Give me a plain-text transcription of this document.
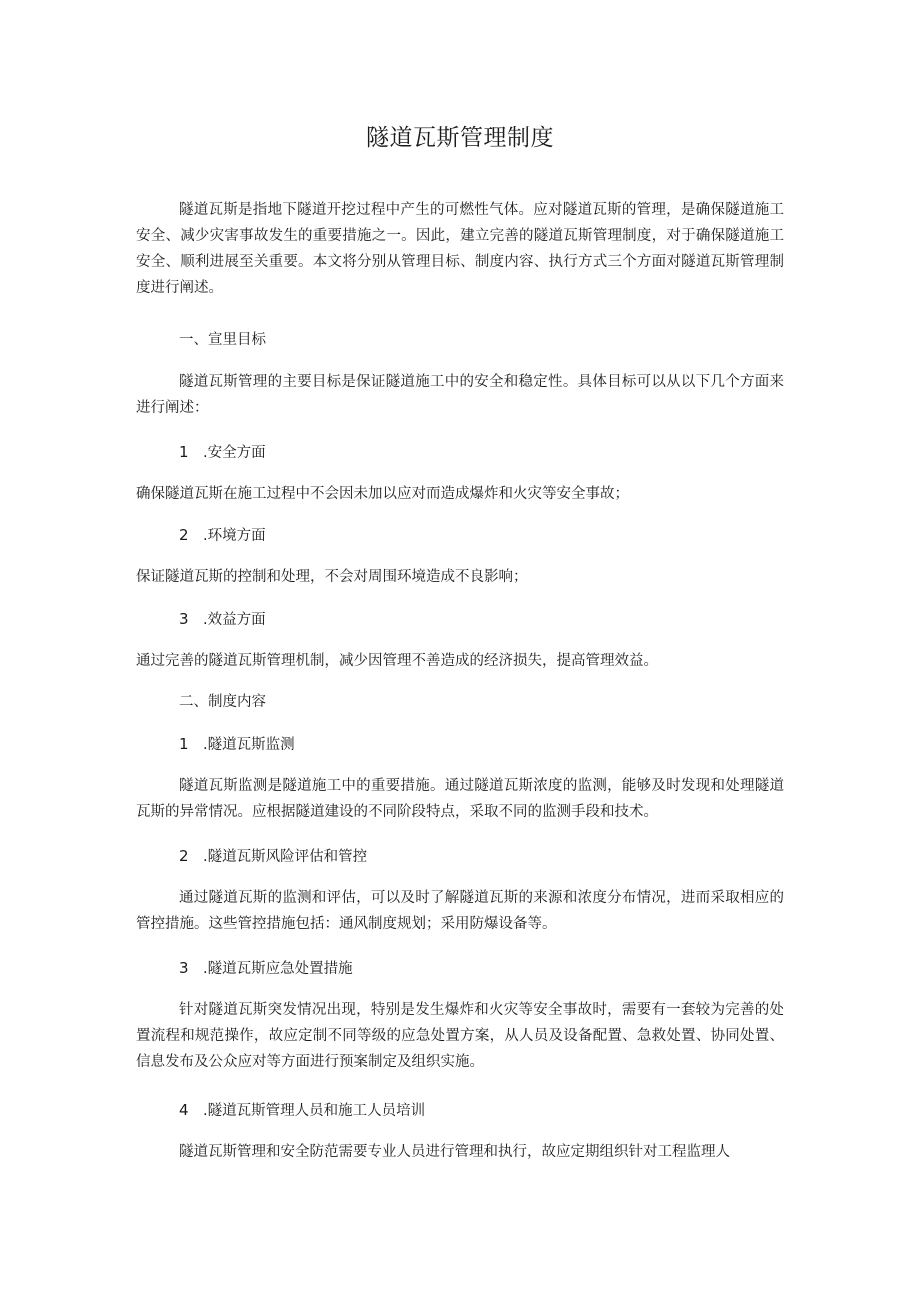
隧道瓦斯管理制度

隧道瓦斯是指地下隧道开挖过程中产生的可燃性气体。应对隧道瓦斯的管理，是确保隧道施工安全、减少灾害事故发生的重要措施之一。因此，建立完善的隧道瓦斯管理制度，对于确保隧道施工安全、顺利进展至关重要。本文将分别从管理目标、制度内容、执行方式三个方面对隧道瓦斯管理制度进行阐述。

一、宣里目标

隧道瓦斯管理的主要目标是保证隧道施工中的安全和稳定性。具体目标可以从以下几个方面来进行阐述：

1 .安全方面

确保隧道瓦斯在施工过程中不会因未加以应对而造成爆炸和火灾等安全事故；

2 .环境方面

保证隧道瓦斯的控制和处理，不会对周围环境造成不良影响；

3 .效益方面

通过完善的隧道瓦斯管理机制，减少因管理不善造成的经济损失，提高管理效益。

二、制度内容

1 .隧道瓦斯监测

隧道瓦斯监测是隧道施工中的重要措施。通过隧道瓦斯浓度的监测，能够及时发现和处理隧道瓦斯的异常情况。应根据隧道建设的不同阶段特点，采取不同的监测手段和技术。

2 .隧道瓦斯风险评估和管控

通过隧道瓦斯的监测和评估，可以及时了解隧道瓦斯的来源和浓度分布情况，进而采取相应的管控措施。这些管控措施包括：通风制度规划；采用防爆设备等。

3 .隧道瓦斯应急处置措施

针对隧道瓦斯突发情况出现，特别是发生爆炸和火灾等安全事故时，需要有一套较为完善的处置流程和规范操作，故应定制不同等级的应急处置方案，从人员及设备配置、急救处置、协同处置、信息发布及公众应对等方面进行预案制定及组织实施。

4 .隧道瓦斯管理人员和施工人员培训

隧道瓦斯管理和安全防范需要专业人员进行管理和执行，故应定期组织针对工程监理人
